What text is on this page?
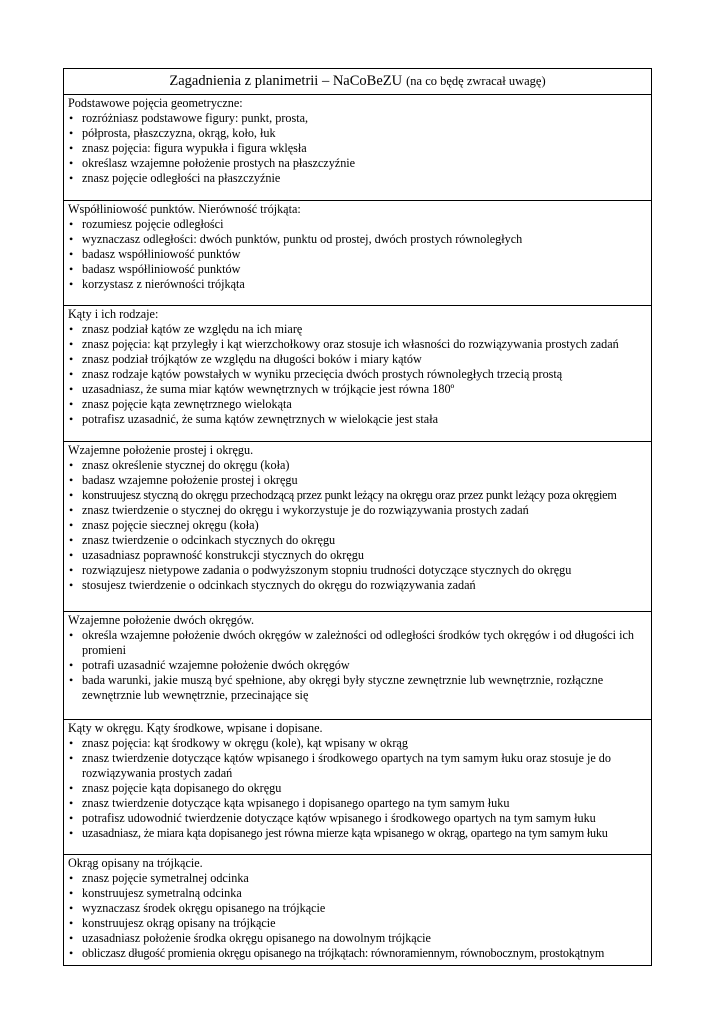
Zagadnienia z planimetrii – NaCoBeZU (na co będę zwracał uwagę)
Podstawowe pojęcia geometryczne:
• rozróżniasz podstawowe figury: punkt, prosta,
• półprosta, płaszczyzna, okrąg, koło, łuk
• znasz pojęcia: figura wypukła i figura wklęsła
• określasz wzajemne położenie prostych na płaszczyźnie
• znasz pojęcie odległości na płaszczyźnie
Współliniowość punktów. Nierówność trójkąta:
• rozumiesz pojęcie odległości
• wyznaczasz odległości: dwóch punktów, punktu od prostej, dwóch prostych równoległych
• badasz współliniowość punktów
• badasz współliniowość punktów
• korzystasz z nierówności trójkąta
Kąty i ich rodzaje:
• znasz podział kątów ze względu na ich miarę
• znasz pojęcia: kąt przyległy i kąt wierzchołkowy oraz stosuje ich własności do rozwiązywania prostych zadań
• znasz podział trójkątów ze względu na długości boków i miary kątów
• znasz rodzaje kątów powstałych w wyniku przecięcia dwóch prostych równoległych trzecią prostą
• uzasadniasz, że suma miar kątów wewnętrznych w trójkącie jest równa 180º
• znasz pojęcie kąta zewnętrznego wielokąta
• potrafisz uzasadnić, że suma kątów zewnętrznych w wielokącie jest stała
Wzajemne położenie prostej i okręgu.
• znasz określenie stycznej do okręgu (koła)
• badasz wzajemne położenie prostej i okręgu
• konstruujesz styczną do okręgu przechodzącą przez punkt leżący na okręgu oraz przez punkt leżący poza okręgiem
• znasz twierdzenie o stycznej do okręgu i wykorzystuje je do rozwiązywania prostych zadań
• znasz pojęcie siecznej okręgu (koła)
• znasz twierdzenie o odcinkach stycznych do okręgu
• uzasadniasz poprawność konstrukcji stycznych do okręgu
• rozwiązujesz nietypowe zadania o podwyższonym stopniu trudności dotyczące stycznych do okręgu
• stosujesz twierdzenie o odcinkach stycznych do okręgu do rozwiązywania zadań
Wzajemne położenie dwóch okręgów.
• określa wzajemne położenie dwóch okręgów w zależności od odległości środków tych okręgów i od długości ich promieni
• potrafi uzasadnić wzajemne położenie dwóch okręgów
• bada warunki, jakie muszą być spełnione, aby okręgi były styczne zewnętrznie lub wewnętrznie, rozłączne zewnętrznie lub wewnętrznie, przecinające się
Kąty w okręgu. Kąty środkowe, wpisane i dopisane.
• znasz pojęcia: kąt środkowy w okręgu (kole), kąt wpisany w okrąg
• znasz twierdzenie dotyczące kątów wpisanego i środkowego opartych na tym samym łuku oraz stosuje je do rozwiązywania prostych zadań
• znasz pojęcie kąta dopisanego do okręgu
• znasz twierdzenie dotyczące kąta wpisanego i dopisanego opartego na tym samym łuku
• potrafisz udowodnić twierdzenie dotyczące kątów wpisanego i środkowego opartych na tym samym łuku
• uzasadniasz, że miara kąta dopisanego jest równa mierze kąta wpisanego w okrąg, opartego na tym samym łuku
Okrąg opisany na trójkącie.
• znasz pojęcie symetralnej odcinka
• konstruujesz symetralną odcinka
• wyznaczasz środek okręgu opisanego na trójkącie
• konstruujesz okrąg opisany na trójkącie
• uzasadniasz położenie środka okręgu opisanego na dowolnym trójkącie
• obliczasz długość promienia okręgu opisanego na trójkątach: równoramiennym, równobocznym, prostokątnym
